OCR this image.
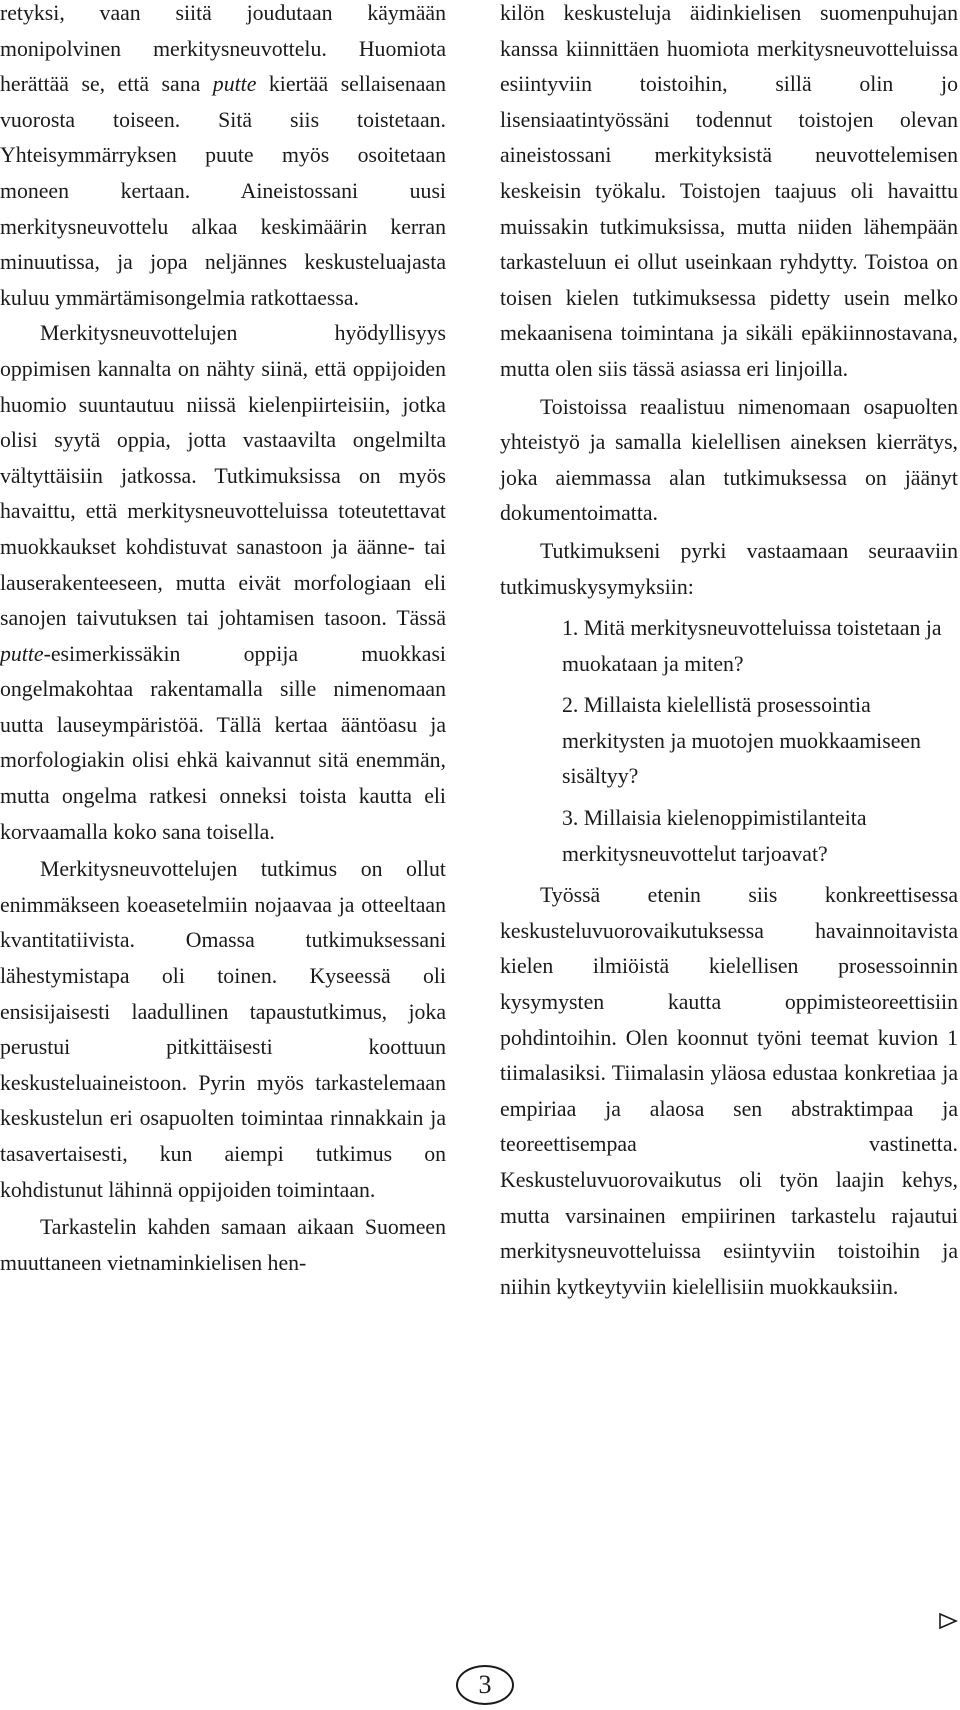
retyksi, vaan siitä joudutaan käymään monipolvinen merkitysneuvottelu. Huomiota herättää se, että sana putte kiertää sellaisenaan vuorosta toiseen. Sitä siis toistetaan. Yhteisymmärryksen puute myös osoitetaan moneen kertaan. Aineistossani uusi merkitysneuvottelu alkaa keskimäärin kerran minuutissa, ja jopa neljännes keskusteluajasta kuluu ymmärtämisongelmia ratkottaessa.

Merkitysneuvottelujen hyödyllisyys oppimisen kannalta on nähty siinä, että oppijoiden huomio suuntautuu niissä kielenpiirteisiin, jotka olisi syytä oppia, jotta vastaavilta ongelmilta vältyttäisiin jatkossa. Tutkimuksissa on myös havaittu, että merkitysneuvotteluissa toteutettavat muokkaukset kohdistuvat sanastoon ja äänne- tai lauserakenteeseen, mutta eivät morfologiaan eli sanojen taivutuksen tai johtamisen tasoon. Tässä putte-esimerkissäkin oppija muokkasi ongelmakohtaa rakentamalla sille nimenomaan uutta lauseympäristöä. Tällä kertaa ääntöasu ja morfologiakin olisi ehkä kaivannut sitä enemmän, mutta ongelma ratkesi onneksi toista kautta eli korvaamalla koko sana toisella.

Merkitysneuvottelujen tutkimus on ollut enimmäkseen koeasetelmiin nojaavaa ja otteeltaan kvantitatiivista. Omassa tutkimuksessani lähestymistapa oli toinen. Kyseessä oli ensisijaisesti laadullinen tapaustutkimus, joka perustui pitkittäisesti koottuun keskusteluaineistoon. Pyrin myös tarkastelemaan keskustelun eri osapuolten toimintaa rinnakkain ja tasavertaisesti, kun aiempi tutkimus on kohdistunut lähinnä oppijoiden toimintaan.

Tarkastelin kahden samaan aikaan Suomeen muuttaneen vietnaminkielisen hen-

kilön keskusteluja äidinkielisen suomenpuhujan kanssa kiinnittäen huomiota merkitysneuvotteluissa esiintyviin toistoihin, sillä olin jo lisensiaatintyössäni todennut toistojen olevan aineistossani merkityksistä neuvottelemisen keskeisin työkalu. Toistojen taajuus oli havaittu muissakin tutkimuksissa, mutta niiden lähempään tarkasteluun ei ollut useinkaan ryhdytty. Toistoa on toisen kielen tutkimuksessa pidetty usein melko mekaanisena toimintana ja sikäli epäkiinnostavana, mutta olen siis tässä asiassa eri linjoilla.

Toistoissa reaalistuu nimenomaan osapuolten yhteistyö ja samalla kielellisen aineksen kierrätys, joka aiemmassa alan tutkimuksessa on jäänyt dokumentoimatta.

Tutkimukseni pyrki vastaamaan seuraaviin tutkimuskysymyksiin:

1. Mitä merkitysneuvotteluissa toistetaan ja muokataan ja miten?
2. Millaista kielellistä prosessointia merkitysten ja muotojen muokkaamiseen sisältyy?
3. Millaisia kielenoppimistilanteita merkitysneuvottelut tarjoavat?

Työssä etenin siis konkreettisessa keskusteluvuorovaikutuksessa havainnoitavista kielen ilmiöistä kielellisen prosessoinnin kysymysten kautta oppimisteoreettisiin pohdintoihin. Olen koonnut työni teemat kuvion 1 tiimalasiksi. Tiimalasin yläosa edustaa konkretiaa ja empiriaa ja alaosa sen abstraktimpaa ja teoreettisempaa vastinetta. Keskusteluvuorovaikutus oli työn laajin kehys, mutta varsinainen empiirinen tarkastelu rajautui merkitysneuvotteluissa esiintyviin toistoihin ja niihin kytkeytyviin kielellisiin muokkauksiin.

3
